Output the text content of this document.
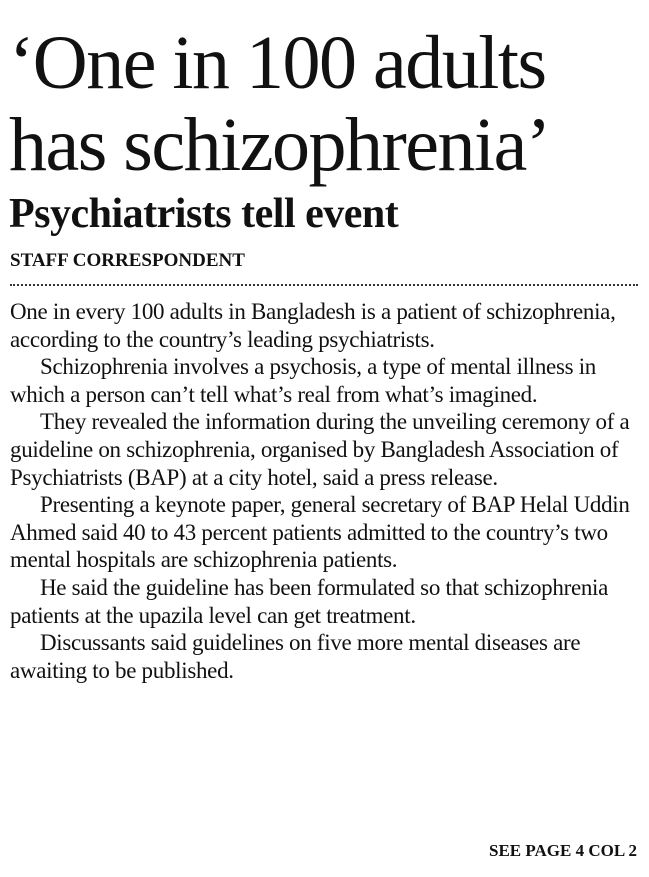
‘One in 100 adults
has schizophrenia’
Psychiatrists tell event
STAFF CORRESPONDENT

One in every 100 adults in Bangladesh is a patient of schizophrenia, according to the country’s leading psychiatrists.

Schizophrenia involves a psychosis, a type of mental illness in which a person can’t tell what’s real from what’s imagined.

They revealed the information during the unveiling ceremony of a guideline on schizophrenia, organised by Bangladesh Association of Psychiatrists (BAP) at a city hotel, said a press release.

Presenting a keynote paper, general secretary of BAP Helal Uddin Ahmed said 40 to 43 percent patients admitted to the country’s two mental hospitals are schizophrenia patients.

He said the guideline has been formulated so that schizophrenia patients at the upazila level can get treatment.

Discussants said guidelines on five more mental diseases are awaiting to be published.

SEE PAGE 4 COL 2
